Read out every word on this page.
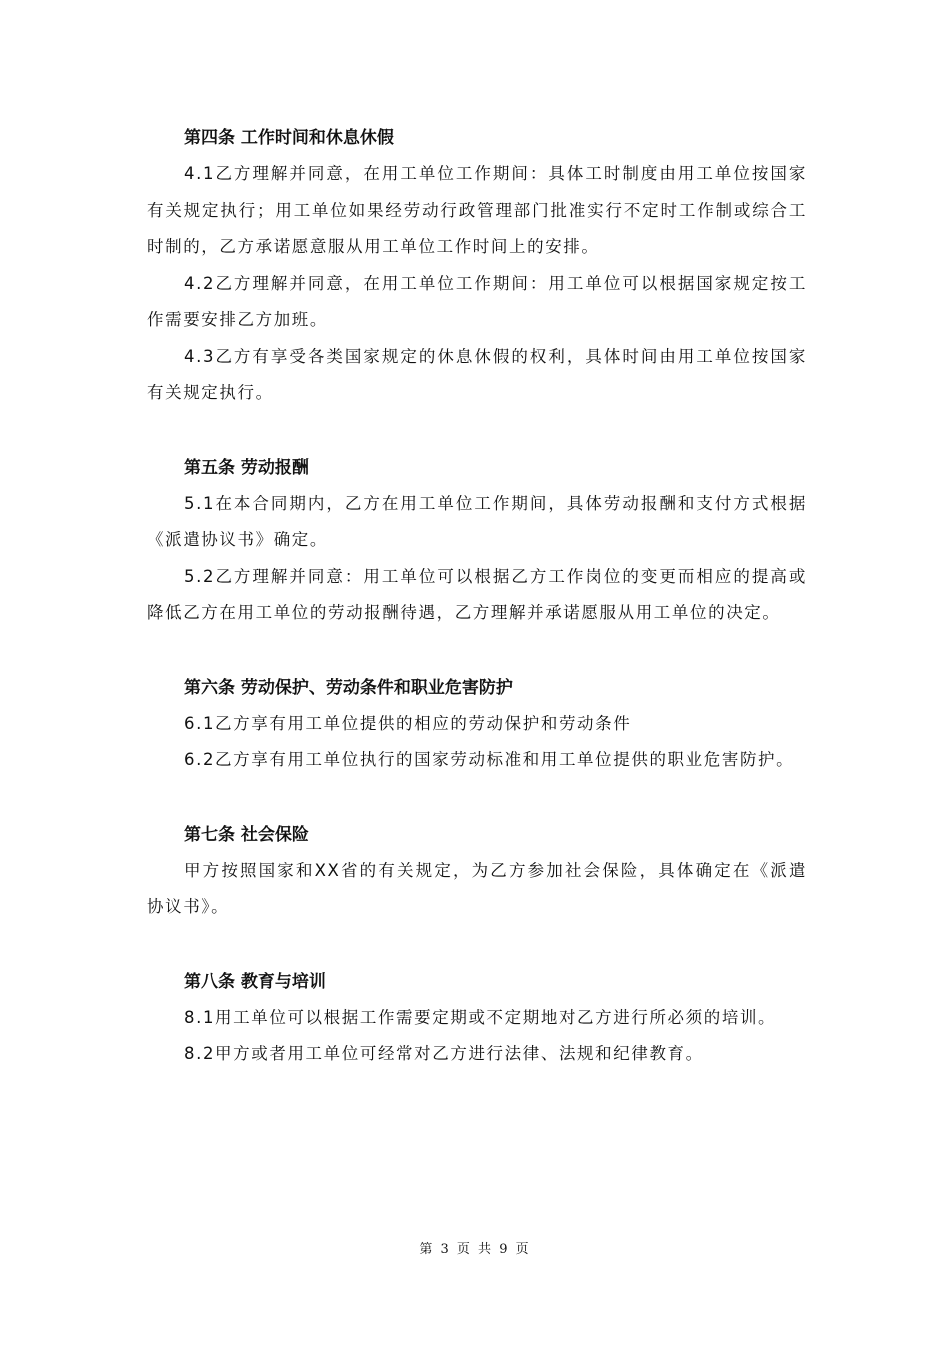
第四条 工作时间和休息休假

4.1乙方理解并同意，在用工单位工作期间：具体工时制度由用工单位按国家有关规定执行；用工单位如果经劳动行政管理部门批准实行不定时工作制或综合工时制的，乙方承诺愿意服从用工单位工作时间上的安排。

4.2乙方理解并同意，在用工单位工作期间：用工单位可以根据国家规定按工作需要安排乙方加班。

4.3乙方有享受各类国家规定的休息休假的权利，具体时间由用工单位按国家有关规定执行。

第五条 劳动报酬

5.1在本合同期内，乙方在用工单位工作期间，具体劳动报酬和支付方式根据《派遣协议书》确定。

5.2乙方理解并同意：用工单位可以根据乙方工作岗位的变更而相应的提高或降低乙方在用工单位的劳动报酬待遇，乙方理解并承诺愿服从用工单位的决定。

第六条 劳动保护、劳动条件和职业危害防护

6.1乙方享有用工单位提供的相应的劳动保护和劳动条件

6.2乙方享有用工单位执行的国家劳动标准和用工单位提供的职业危害防护。

第七条 社会保险

甲方按照国家和XX省的有关规定，为乙方参加社会保险，具体确定在《派遣协议书》。

第八条 教育与培训

8.1用工单位可以根据工作需要定期或不定期地对乙方进行所必须的培训。

8.2甲方或者用工单位可经常对乙方进行法律、法规和纪律教育。

第 3 页 共 9 页
